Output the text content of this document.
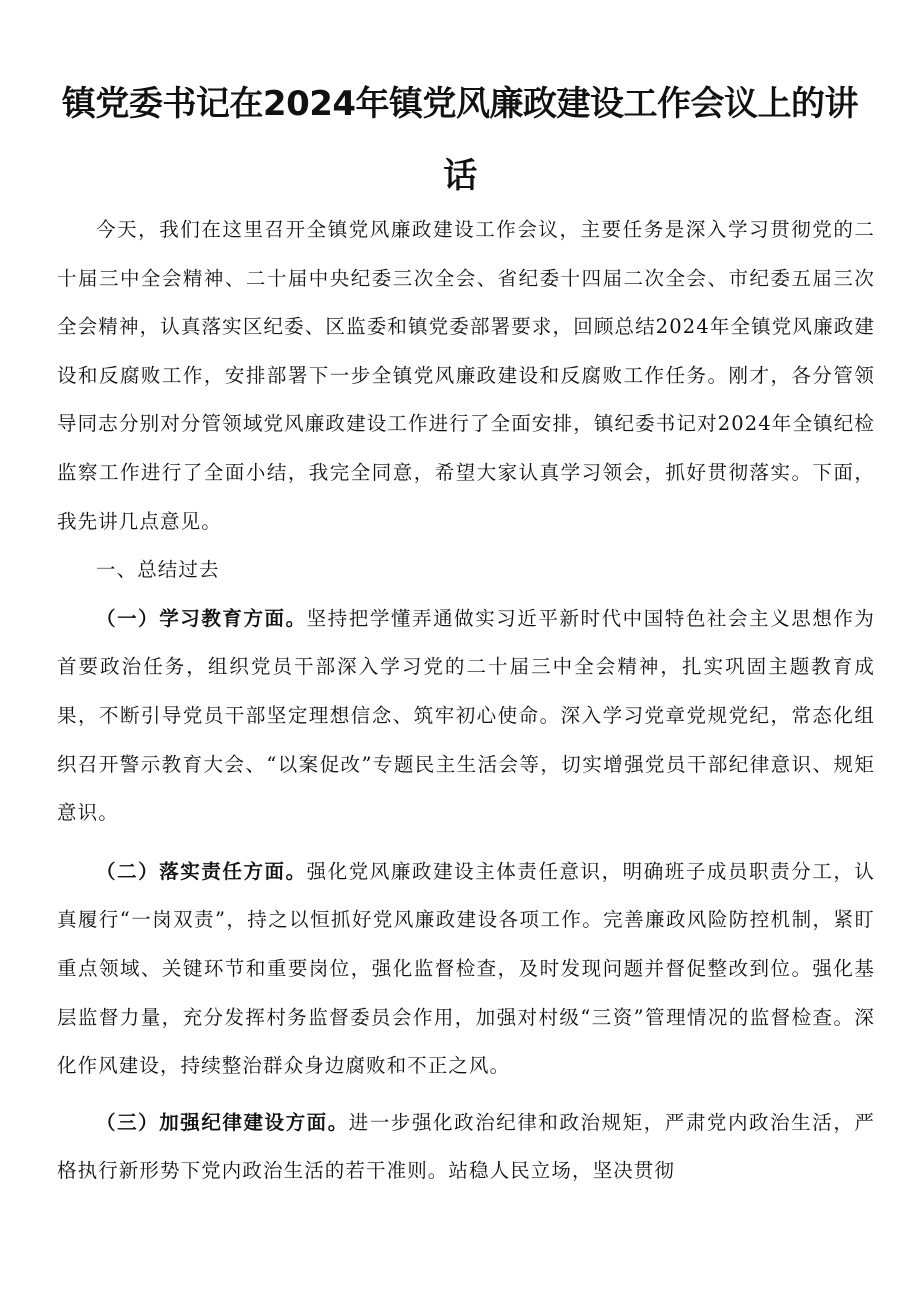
镇党委书记在2024年镇党风廉政建设工作会议上的讲
话

今天，我们在这里召开全镇党风廉政建设工作会议，主要任务是深入学习贯彻党的二十届三中全会精神、二十届中央纪委三次全会、省纪委十四届二次全会、市纪委五届三次全会精神，认真落实区纪委、区监委和镇党委部署要求，回顾总结2024年全镇党风廉政建设和反腐败工作，安排部署下一步全镇党风廉政建设和反腐败工作任务。刚才，各分管领导同志分别对分管领域党风廉政建设工作进行了全面安排，镇纪委书记对2024年全镇纪检监察工作进行了全面小结，我完全同意，希望大家认真学习领会，抓好贯彻落实。下面，我先讲几点意见。

一、总结过去

（一）学习教育方面。坚持把学懂弄通做实习近平新时代中国特色社会主义思想作为首要政治任务，组织党员干部深入学习党的二十届三中全会精神，扎实巩固主题教育成果，不断引导党员干部坚定理想信念、筑牢初心使命。深入学习党章党规党纪，常态化组织召开警示教育大会、“以案促改”专题民主生活会等，切实增强党员干部纪律意识、规矩意识。

（二）落实责任方面。强化党风廉政建设主体责任意识，明确班子成员职责分工，认真履行“一岗双责”，持之以恒抓好党风廉政建设各项工作。完善廉政风险防控机制，紧盯重点领域、关键环节和重要岗位，强化监督检查，及时发现问题并督促整改到位。强化基层监督力量，充分发挥村务监督委员会作用，加强对村级“三资”管理情况的监督检查。深化作风建设，持续整治群众身边腐败和不正之风。

（三）加强纪律建设方面。进一步强化政治纪律和政治规矩，严肃党内政治生活，严格执行新形势下党内政治生活的若干准则。站稳人民立场，坚决贯彻
